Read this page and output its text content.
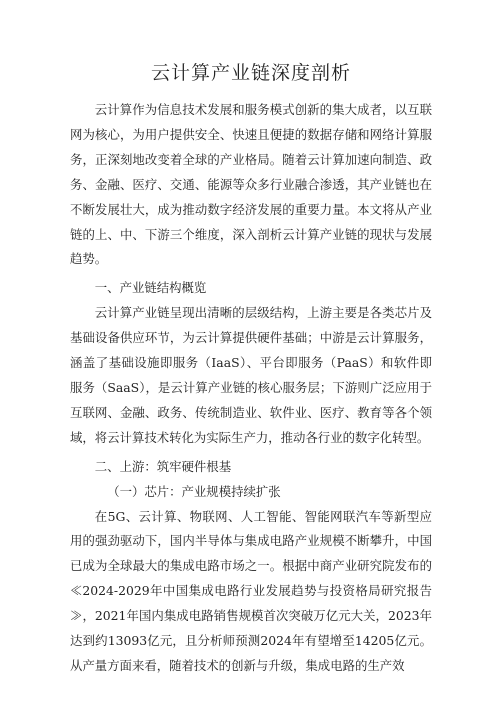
云计算产业链深度剖析

云计算作为信息技术发展和服务模式创新的集大成者，以互联网为核心，为用户提供安全、快速且便捷的数据存储和网络计算服务，正深刻地改变着全球的产业格局。随着云计算加速向制造、政务、金融、医疗、交通、能源等众多行业融合渗透，其产业链也在不断发展壮大，成为推动数字经济发展的重要力量。本文将从产业链的上、中、下游三个维度，深入剖析云计算产业链的现状与发展趋势。

一、产业链结构概览

云计算产业链呈现出清晰的层级结构，上游主要是各类芯片及基础设备供应环节，为云计算提供硬件基础；中游是云计算服务，涵盖了基础设施即服务（IaaS）、平台即服务（PaaS）和软件即服务（SaaS），是云计算产业链的核心服务层；下游则广泛应用于互联网、金融、政务、传统制造业、软件业、医疗、教育等各个领域，将云计算技术转化为实际生产力，推动各行业的数字化转型。

二、上游：筑牢硬件根基

（一）芯片：产业规模持续扩张

在5G、云计算、物联网、人工智能、智能网联汽车等新型应用的强劲驱动下，国内半导体与集成电路产业规模不断攀升，中国已成为全球最大的集成电路市场之一。根据中商产业研究院发布的≪2024-2029年中国集成电路行业发展趋势与投资格局研究报告≫，2021年国内集成电路销售规模首次突破万亿元大关，2023年达到约13093亿元，且分析师预测2024年有望增至14205亿元。从产量方面来看，随着技术的创新与升级，集成电路的生产效
